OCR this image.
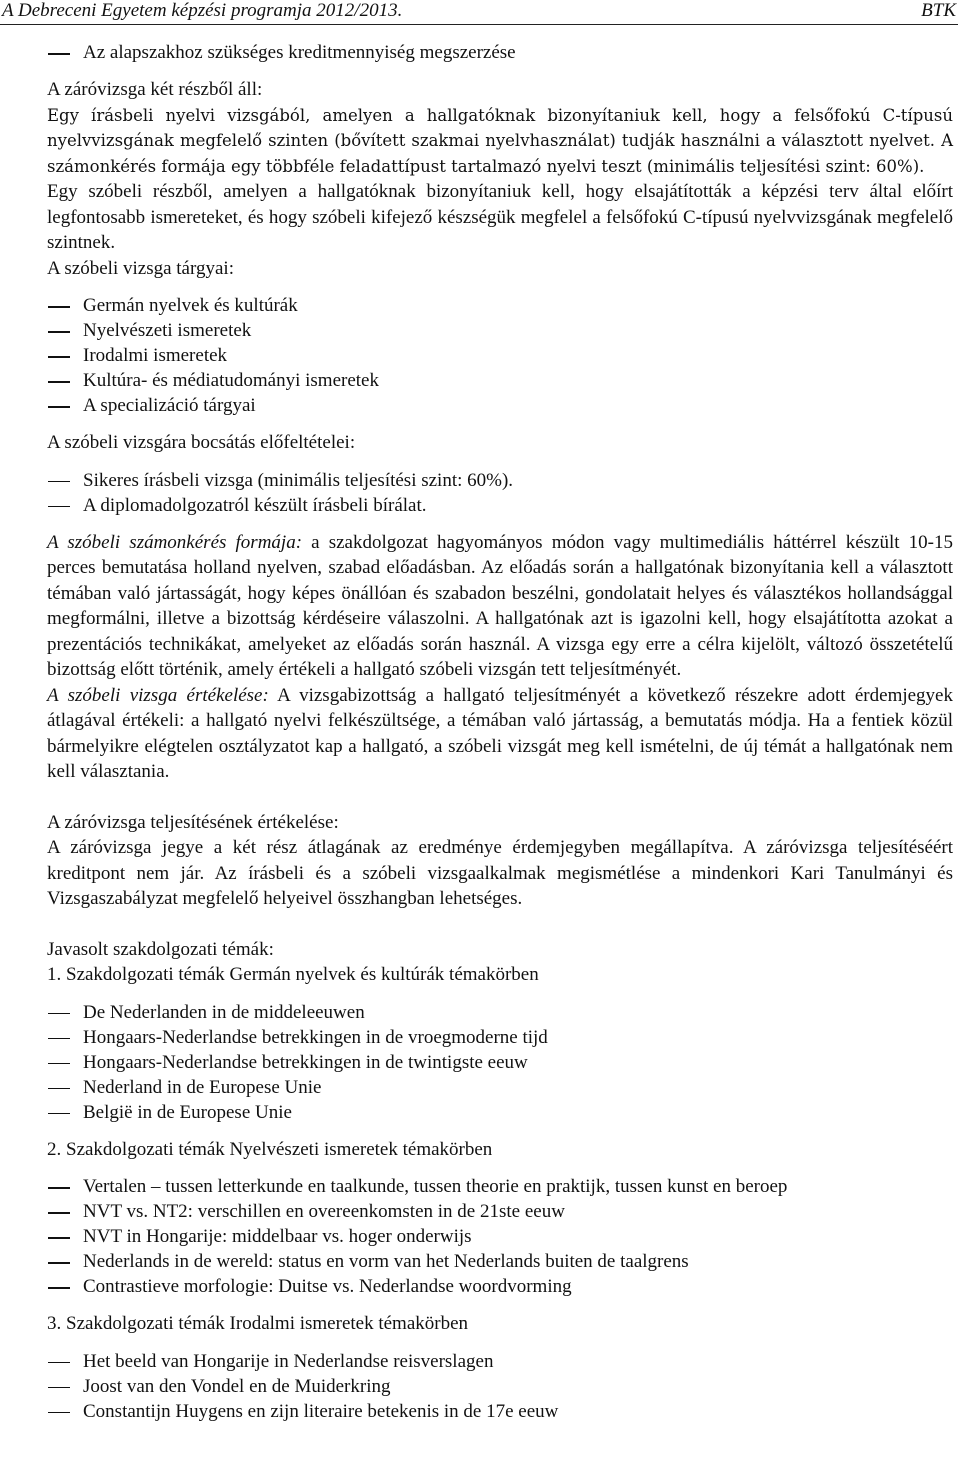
A Debreceni Egyetem képzési programja 2012/2013.	BTK
Az alapszakhoz szükséges kreditmennyiség megszerzése
A záróvizsga két részből áll:
Egy írásbeli nyelvi vizsgából, amelyen a hallgatóknak bizonyítaniuk kell, hogy a felsőfokú C-típusú nyelvvizsgának megfelelő szinten (bővített szakmai nyelvhasználat) tudják használni a választott nyelvet. A számonkérés formája egy többféle feladattípust tartalmazó nyelvi teszt (minimális teljesítési szint: 60%).
Egy szóbeli részből, amelyen a hallgatóknak bizonyítaniuk kell, hogy elsajátították a képzési terv által előírt legfontosabb ismereteket, és hogy szóbeli kifejező készségük megfelel a felsőfokú C-típusú nyelvvizsgának megfelelő szintnek.
A szóbeli vizsga tárgyai:
Germán nyelvek és kultúrák
Nyelvészeti ismeretek
Irodalmi ismeretek
Kultúra- és médiatudományi ismeretek
A specializáció tárgyai
A szóbeli vizsgára bocsátás előfeltételei:
Sikeres írásbeli vizsga (minimális teljesítési szint: 60%).
A diplomadolgozatról készült írásbeli bírálat.
A szóbeli számonkérés formája: a szakdolgozat hagyományos módon vagy multimediális háttérrel készült 10-15 perces bemutatása holland nyelven, szabad előadásban. Az előadás során a hallgatónak bizonyítania kell a választott témában való jártasságát, hogy képes önállóan és szabadon beszélni, gondolatait helyes és választékos hollandsággal megformálni, illetve a bizottság kérdéseire válaszolni. A hallgatónak azt is igazolni kell, hogy elsajátította azokat a prezentációs technikákat, amelyeket az előadás során használ. A vizsga egy erre a célra kijelölt, változó összetételű bizottság előtt történik, amely értékeli a hallgató szóbeli vizsgán tett teljesítményét.
A szóbeli vizsga értékelése: A vizsgabizottság a hallgató teljesítményét a következő részekre adott érdemjegyek átlagával értékeli: a hallgató nyelvi felkészültsége, a témában való jártasság, a bemutatás módja. Ha a fentiek közül bármelyikre elégtelen osztályzatot kap a hallgató, a szóbeli vizsgát meg kell ismételni, de új témát a hallgatónak nem kell választania.
A záróvizsga teljesítésének értékelése:
A záróvizsga jegye a két rész átlagának az eredménye érdemjegyben megállapítva. A záróvizsga teljesítéséért kreditpont nem jár. Az írásbeli és a szóbeli vizsgaalkalmak megismétlése a mindenkori Kari Tanulmányi és Vizsgaszabályzat megfelelő helyeivel összhangban lehetséges.
Javasolt szakdolgozati témák:
1. Szakdolgozati témák Germán nyelvek és kultúrák témakörben
De Nederlanden in de middeleeuwen
Hongaars-Nederlandse betrekkingen in de vroegmoderne tijd
Hongaars-Nederlandse betrekkingen in de twintigste eeuw
Nederland in de Europese Unie
België in de Europese Unie
2. Szakdolgozati témák Nyelvészeti ismeretek témakörben
Vertalen – tussen letterkunde en taalkunde, tussen theorie en praktijk, tussen kunst en beroep
NVT vs. NT2: verschillen en overeenkomsten in de 21ste eeuw
NVT in Hongarije: middelbaar vs. hoger onderwijs
Nederlands in de wereld: status en vorm van het Nederlands buiten de taalgrens
Contrastieve morfologie: Duitse vs. Nederlandse woordvorming
3. Szakdolgozati témák Irodalmi ismeretek témakörben
Het beeld van Hongarije in Nederlandse reisverslagen
Joost van den Vondel en de Muiderkring
Constantijn Huygens en zijn literaire betekenis in de 17e eeuw
